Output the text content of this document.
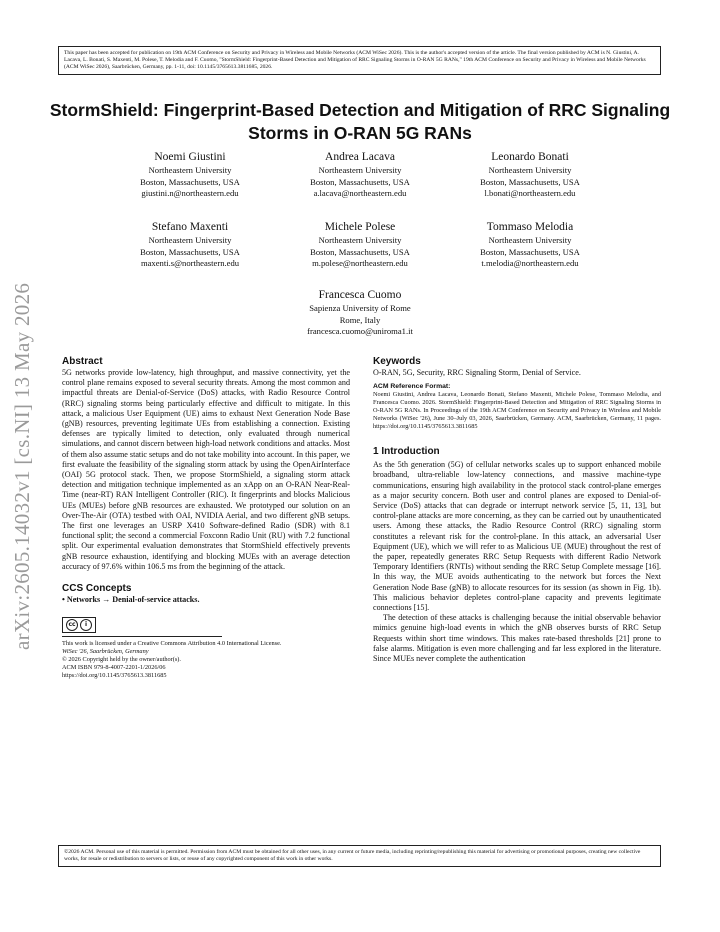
This paper has been accepted for publication on 19th ACM Conference on Security and Privacy in Wireless and Mobile Networks (ACM WiSec 2026). This is the author's accepted version of the article. The final version published by ACM is N. Giustini, A. Lacava, L. Bonati, S. Maxenti, M. Polese, T. Melodia and F. Cuomo, "StormShield: Fingerprint-Based Detection and Mitigation of RRC Signaling Storms in O-RAN 5G RANs," 19th ACM Conference on Security and Privacy in Wireless and Mobile Networks (ACM WiSec 2026), Saarbrücken, Germany, pp. 1-11, doi: 10.1145/3765613.3811685, 2026.
StormShield: Fingerprint-Based Detection and Mitigation of RRC Signaling Storms in O-RAN 5G RANs
arXiv:2605.14032v1 [cs.NI] 13 May 2026
Noemi Giustini
Northeastern University
Boston, Massachusetts, USA
giustini.n@northeastern.edu
Andrea Lacava
Northeastern University
Boston, Massachusetts, USA
a.lacava@northeastern.edu
Leonardo Bonati
Northeastern University
Boston, Massachusetts, USA
l.bonati@northeastern.edu
Stefano Maxenti
Northeastern University
Boston, Massachusetts, USA
maxenti.s@northeastern.edu
Michele Polese
Northeastern University
Boston, Massachusetts, USA
m.polese@northeastern.edu
Tommaso Melodia
Northeastern University
Boston, Massachusetts, USA
t.melodia@northeastern.edu
Francesca Cuomo
Sapienza University of Rome
Rome, Italy
francesca.cuomo@uniroma1.it
Abstract

5G networks provide low-latency, high throughput, and massive connectivity, yet the control plane remains exposed to several security threats. Among the most common and impactful threats are Denial-of-Service (DoS) attacks, with Radio Resource Control (RRC) signaling storms being particularly effective and difficult to mitigate. In this attack, a malicious User Equipment (UE) aims to exhaust Next Generation Node Base (gNB) resources, preventing legitimate UEs from establishing a connection. Existing defenses are typically limited to detection, only evaluated through numerical simulations, and cannot discern between high-load network conditions and attacks. Most of them also assume static setups and do not take mobility into account. In this paper, we first evaluate the feasibility of the signaling storm attack by using the OpenAirInterface (OAI) 5G protocol stack. Then, we propose StormShield, a signaling storm attack detection and mitigation technique implemented as an xApp on an O-RAN Near-Real-Time (near-RT) RAN Intelligent Controller (RIC). It fingerprints and blocks Malicious UEs (MUEs) before gNB resources are exhausted. We prototyped our solution on an Over-The-Air (OTA) testbed with OAI, NVIDIA Aerial, and two different gNB setups. The first one leverages an USRP X410 Software-defined Radio (SDR) with 8.1 functional split; the second a commercial Foxconn Radio Unit (RU) with 7.2 functional split. Our experimental evaluation demonstrates that StormShield effectively prevents gNB resource exhaustion, identifying and blocking MUEs with an average detection accuracy of 97.6% within 106.5 ms from the beginning of the attack.

CCS Concepts

• Networks → Denial-of-service attacks.

cc	i
This work is licensed under a Creative Commons Attribution 4.0 International License.
WiSec '26, Saarbrücken, Germany
© 2026 Copyright held by the owner/author(s).
ACM ISBN 979-8-4007-2201-1/2026/06
https://doi.org/10.1145/3765613.3811685
Keywords

O-RAN, 5G, Security, RRC Signaling Storm, Denial of Service.

ACM Reference Format:

Noemi Giustini, Andrea Lacava, Leonardo Bonati, Stefano Maxenti, Michele Polese, Tommaso Melodia, and Francesca Cuomo. 2026. StormShield: Fingerprint-Based Detection and Mitigation of RRC Signaling Storms in O-RAN 5G RANs. In Proceedings of the 19th ACM Conference on Security and Privacy in Wireless and Mobile Networks (WiSec '26), June 30–July 03, 2026, Saarbrücken, Germany. ACM, Saarbrücken, Germany, 11 pages. https://doi.org/10.1145/3765613.3811685

1 Introduction

As the 5th generation (5G) of cellular networks scales up to support enhanced mobile broadband, ultra-reliable low-latency connections, and massive machine-type communications, ensuring high availability in the protocol stack control-plane emerges as a major security concern. Both user and control planes are exposed to Denial-of-Service (DoS) attacks that can degrade or interrupt network service [5, 11, 13], but control-plane attacks are more concerning, as they can be carried out by unauthenticated users. Among these attacks, the Radio Resource Control (RRC) signaling storm constitutes a relevant risk for the control-plane. In this attack, an adversarial User Equipment (UE), which we will refer to as Malicious UE (MUE) throughout the rest of the paper, repeatedly generates RRC Setup Requests with different Radio Network Temporary Identifiers (RNTIs) without sending the RRC Setup Complete message [16]. In this way, the MUE avoids authenticating to the network but forces the Next Generation Node Base (gNB) to allocate resources for its session (as shown in Fig. 1b). This malicious behavior depletes control-plane capacity and prevents legitimate connections [15].

The detection of these attacks is challenging because the initial observable behavior mimics genuine high-load events in which the gNB observes bursts of RRC Setup Requests within short time windows. This makes rate-based thresholds [21] prone to false alarms. Mitigation is even more challenging and far less explored in the literature. Since MUEs never complete the authentication

©2026 ACM. Personal use of this material is permitted. Permission from ACM must be obtained for all other uses, in any current or future media, including reprinting/republishing this material for advertising or promotional purposes, creating new collective works, for resale or redistribution to servers or lists, or reuse of any copyrighted component of this work in other works.
